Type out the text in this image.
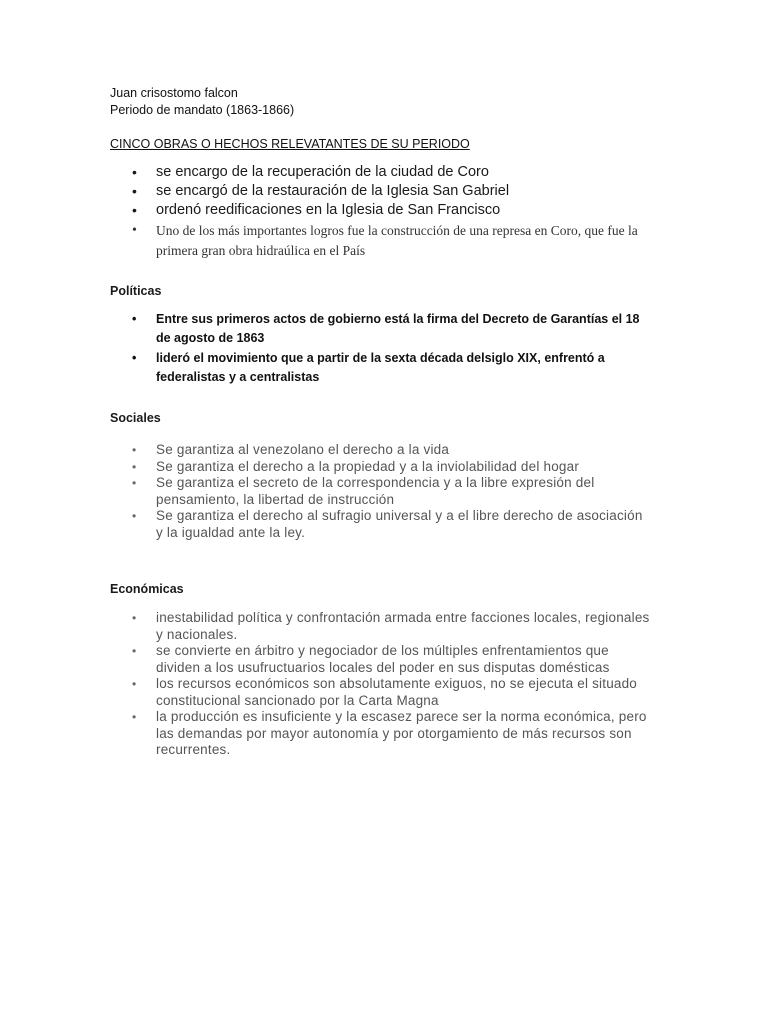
Juan crisostomo falcon
Periodo de mandato (1863-1866)
CINCO OBRAS O HECHOS RELEVATANTES DE SU PERIODO
• se encargo de la recuperación de la ciudad de Coro
• se encargó de la restauración de la Iglesia San Gabriel
• ordenó reedificaciones en la Iglesia de San Francisco
• Uno de los más importantes logros fue la construcción de una represa en Coro, que fue la primera gran obra hidraúlica en el País
Políticas
• Entre sus primeros actos de gobierno está la firma del Decreto de Garantías el 18 de agosto de 1863
• lideró el movimiento que a partir de la sexta década delsiglo XIX, enfrentó a federalistas y a centralistas
Sociales
• Se garantiza al venezolano el derecho a la vida
• Se garantiza el derecho a la propiedad y a la inviolabilidad del hogar
• Se garantiza el secreto de la correspondencia y a la libre expresión del pensamiento, la libertad de instrucción
• Se garantiza el derecho al sufragio universal y a el libre derecho de asociación y la igualdad ante la ley.
Económicas
• inestabilidad política y confrontación armada entre facciones locales, regionales y nacionales.
• se convierte en árbitro y negociador de los múltiples enfrentamientos que dividen a los usufructuarios locales del poder en sus disputas domésticas
• los recursos económicos son absolutamente exiguos, no se ejecuta el situado constitucional sancionado por la Carta Magna
• la producción es insuficiente y la escasez parece ser la norma económica, pero las demandas por mayor autonomía y por otorgamiento de más recursos son recurrentes.
